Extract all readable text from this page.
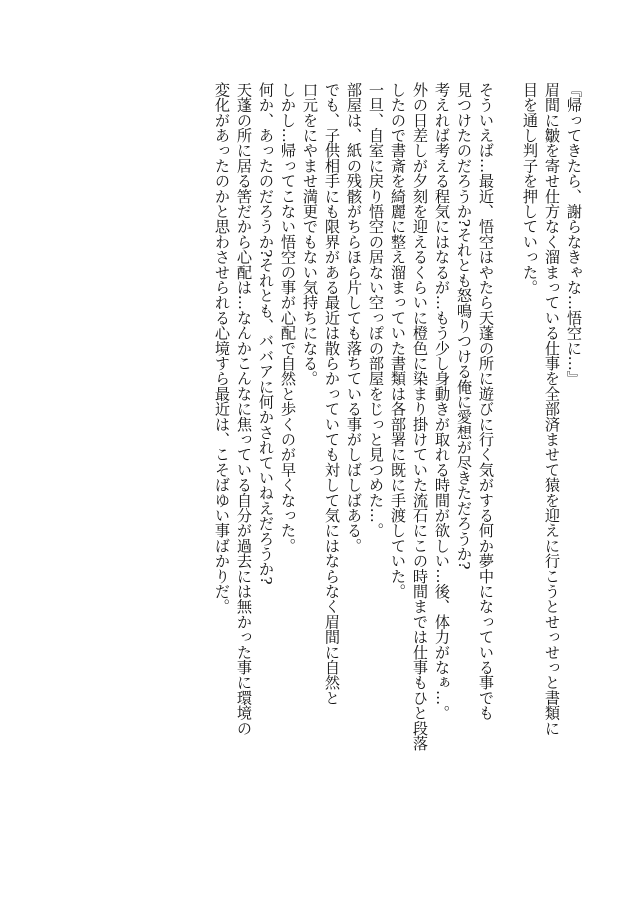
『帰ってきたら、謝らなきゃな…悟空に…』
眉間に皺を寄せ仕方なく溜まっている仕事を全部済ませて猿を迎えに行こうとせっせっと書類に
目を通し判子を押していった。
そういえば…最近、悟空はやたら天蓬の所に遊びに行く気がする何か夢中になっている事でも
見つけたのだろうか?それとも怒鳴りつける俺に愛想が尽きただろうか?
考えれば考える程気にはなるが…もう少し身動きが取れる時間が欲しい…後、体力がなぁ…。
外の日差しが夕刻を迎えるくらいに橙色に染まり掛けていた流石にこの時間までは仕事もひと段落
したので書斎を綺麗に整え溜まっていた書類は各部署に既に手渡していた。
一旦、自室に戻り悟空の居ない空っぽの部屋をじっと見つめた…。
部屋は、紙の残骸がちらほら片しても落ちている事がしばしばある。
でも、子供相手にも限界がある最近は散らかっていても対して気にはならなく眉間に自然と
口元をにやませ満更でもない気持ちになる。
しかし…帰ってこない悟空の事が心配で自然と歩くのが早くなった。
何か、あったのだろうか?それとも、ババアに何かされていねえだろうか?
天蓬の所に居る筈だから心配は…なんかこんなに焦っている自分が過去には無かった事に環境の
変化があったのかと思わさせられる心境すら最近は、こそばゆい事ばかりだ。
